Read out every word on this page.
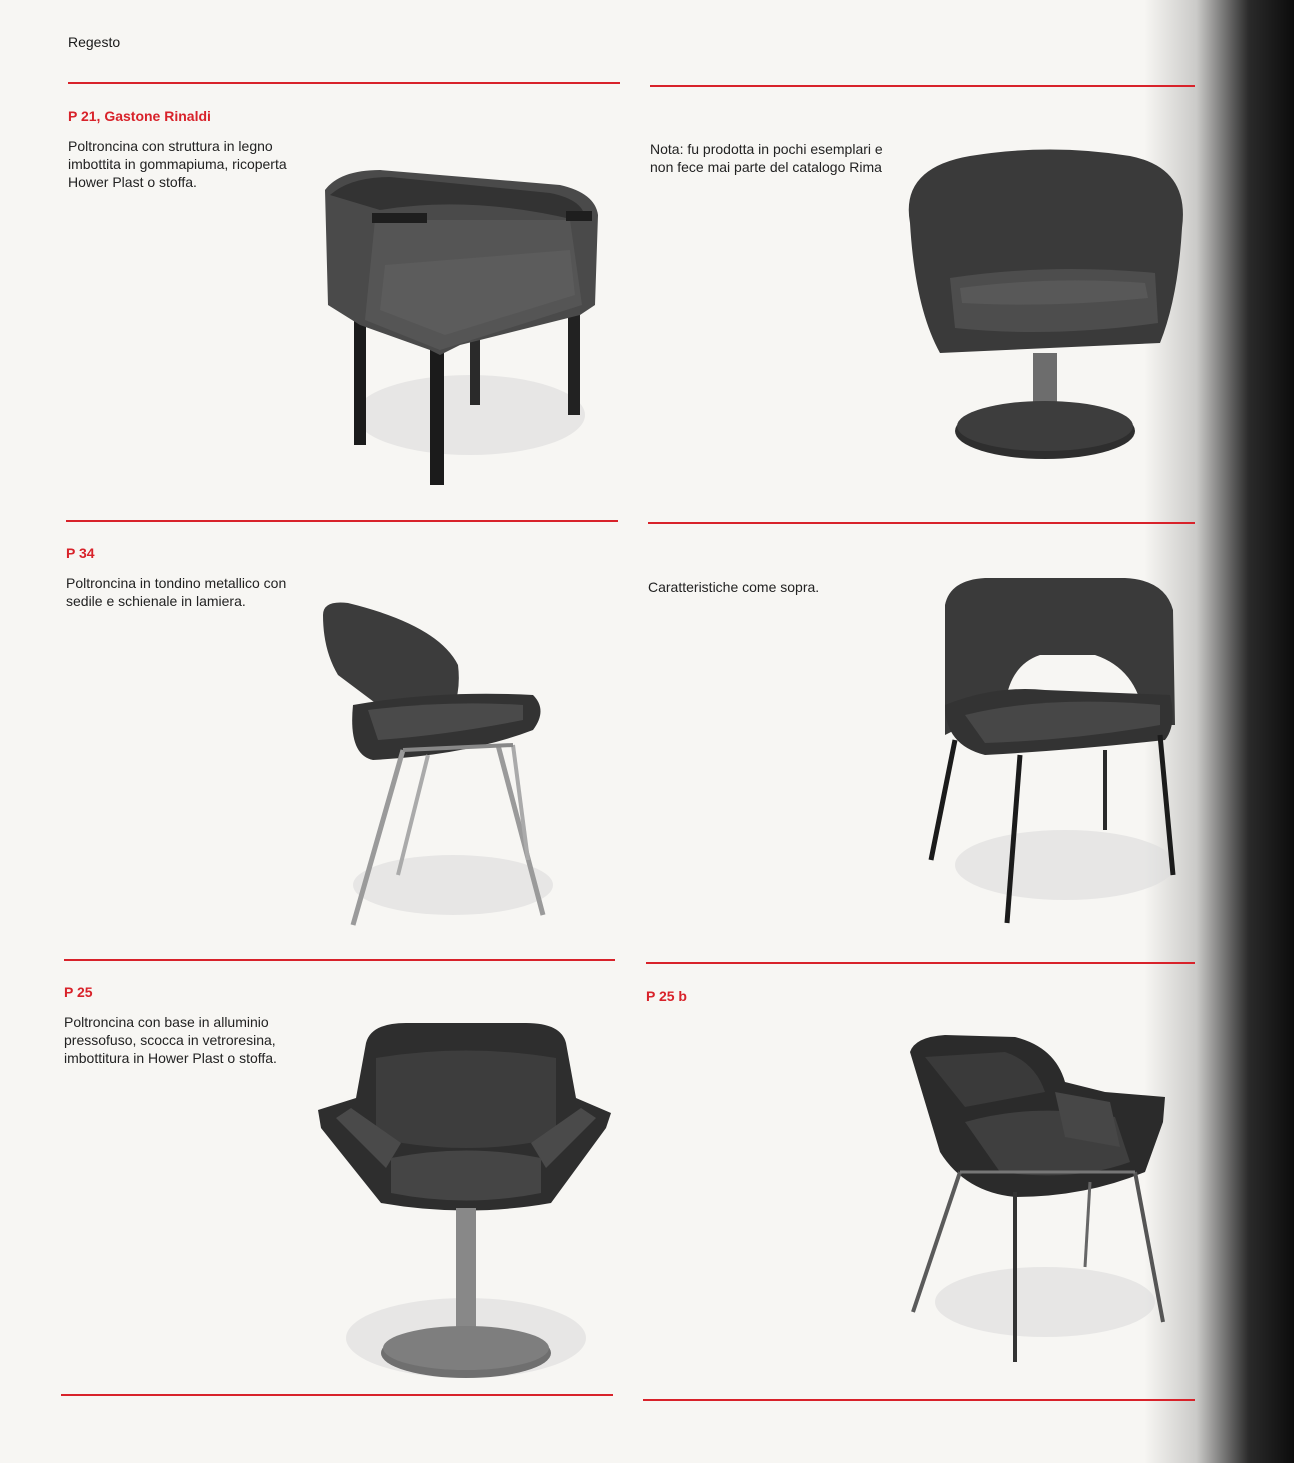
Regesto
P 21, Gastone Rinaldi
Poltroncina con struttura in legno
imbottita in gommapiuma, ricoperta
Hower Plast o stoffa.
Nota: fu prodotta in pochi esemplari e
non fece mai parte del catalogo Rima
P 34
Poltroncina in tondino metallico con
sedile e schienale in lamiera.
Caratteristiche come sopra.
P 25
Poltroncina con base in alluminio
pressofuso, scocca in vetroresina,
imbottitura in Hower Plast o stoffa.
P 25 b
